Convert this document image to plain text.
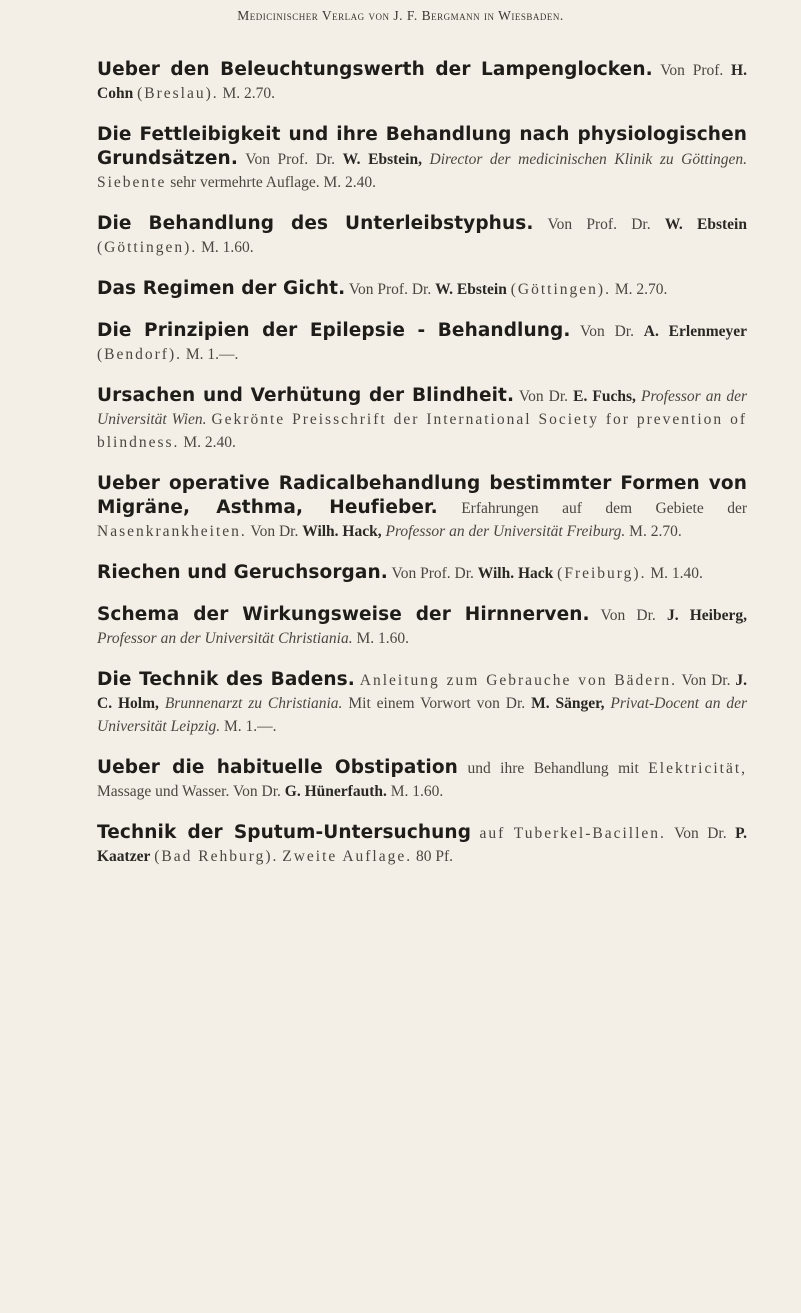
Medicinischer Verlag von J. F. Bergmann in Wiesbaden.
Ueber den Beleuchtungswerth der Lampenglocken. Von Prof. H. Cohn (Breslau). M. 2.70.
Die Fettleibigkeit und ihre Behandlung nach physiologischen Grundsätzen. Von Prof. Dr. W. Ebstein, Director der medicinischen Klinik zu Göttingen. Siebente sehr vermehrte Auflage. M. 2.40.
Die Behandlung des Unterleibstyphus. Von Prof. Dr. W. Ebstein (Göttingen). M. 1.60.
Das Regimen der Gicht. Von Prof. Dr. W. Ebstein (Göttingen). M. 2.70.
Die Prinzipien der Epilepsie - Behandlung. Von Dr. A. Erlenmeyer (Bendorf). M. 1.—.
Ursachen und Verhütung der Blindheit. Von Dr. E. Fuchs, Professor an der Universität Wien. Gekrönte Preisschrift der International Society for prevention of blindness. M. 2.40.
Ueber operative Radicalbehandlung bestimmter Formen von Migräne, Asthma, Heufieber. Erfahrungen auf dem Gebiete der Nasenkrankheiten. Von Dr. Wilh. Hack, Professor an der Universität Freiburg. M. 2.70.
Riechen und Geruchsorgan. Von Prof. Dr. Wilh. Hack (Freiburg). M. 1.40.
Schema der Wirkungsweise der Hirnnerven. Von Dr. J. Heiberg, Professor an der Universität Christiania. M. 1.60.
Die Technik des Badens. Anleitung zum Gebrauche von Bädern. Von Dr. J. C. Holm, Brunnenarzt zu Christiania. Mit einem Vorwort von Dr. M. Sänger, Privat-Docent an der Universität Leipzig. M. 1.—.
Ueber die habituelle Obstipation und ihre Behandlung mit Elektricität, Massage und Wasser. Von Dr. G. Hünerfauth. M. 1.60.
Technik der Sputum-Untersuchung auf Tuberkel-Bacillen. Von Dr. P. Kaatzer (Bad Rehburg). Zweite Auflage. 80 Pf.
